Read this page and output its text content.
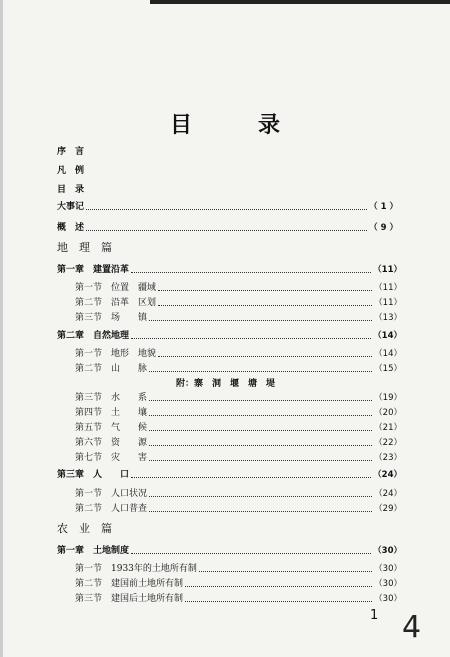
目　录
序　言
凡　例
目　录
大事记	（ 1 ）
概　述	（ 9 ）
地　理　篇
第一章　建置沿革	（11）
第一节　位置　疆域	（11）
第二节　沿革　区划	（11）
第三节　场　　镇	（13）
第二章　自然地理	（14）
第一节　地形　地貌	（14）
第二节　山　　脉	（15）
附：寨　洞　堰　塘　堤
第三节　水　　系	（19）
第四节　土　　壤	（20）
第五节　气　　候	（21）
第六节　资　　源	（22）
第七节　灾　　害	（23）
第三章　人　　口	（24）
第一节　人口状况	（24）
第二节　人口普查	（29）
农　业　篇
第一章　土地制度	（30）
第一节　1933年的土地所有制	（30）
第二节　建国前土地所有制	（30）
第三节　建国后土地所有制	（30）
1 4
